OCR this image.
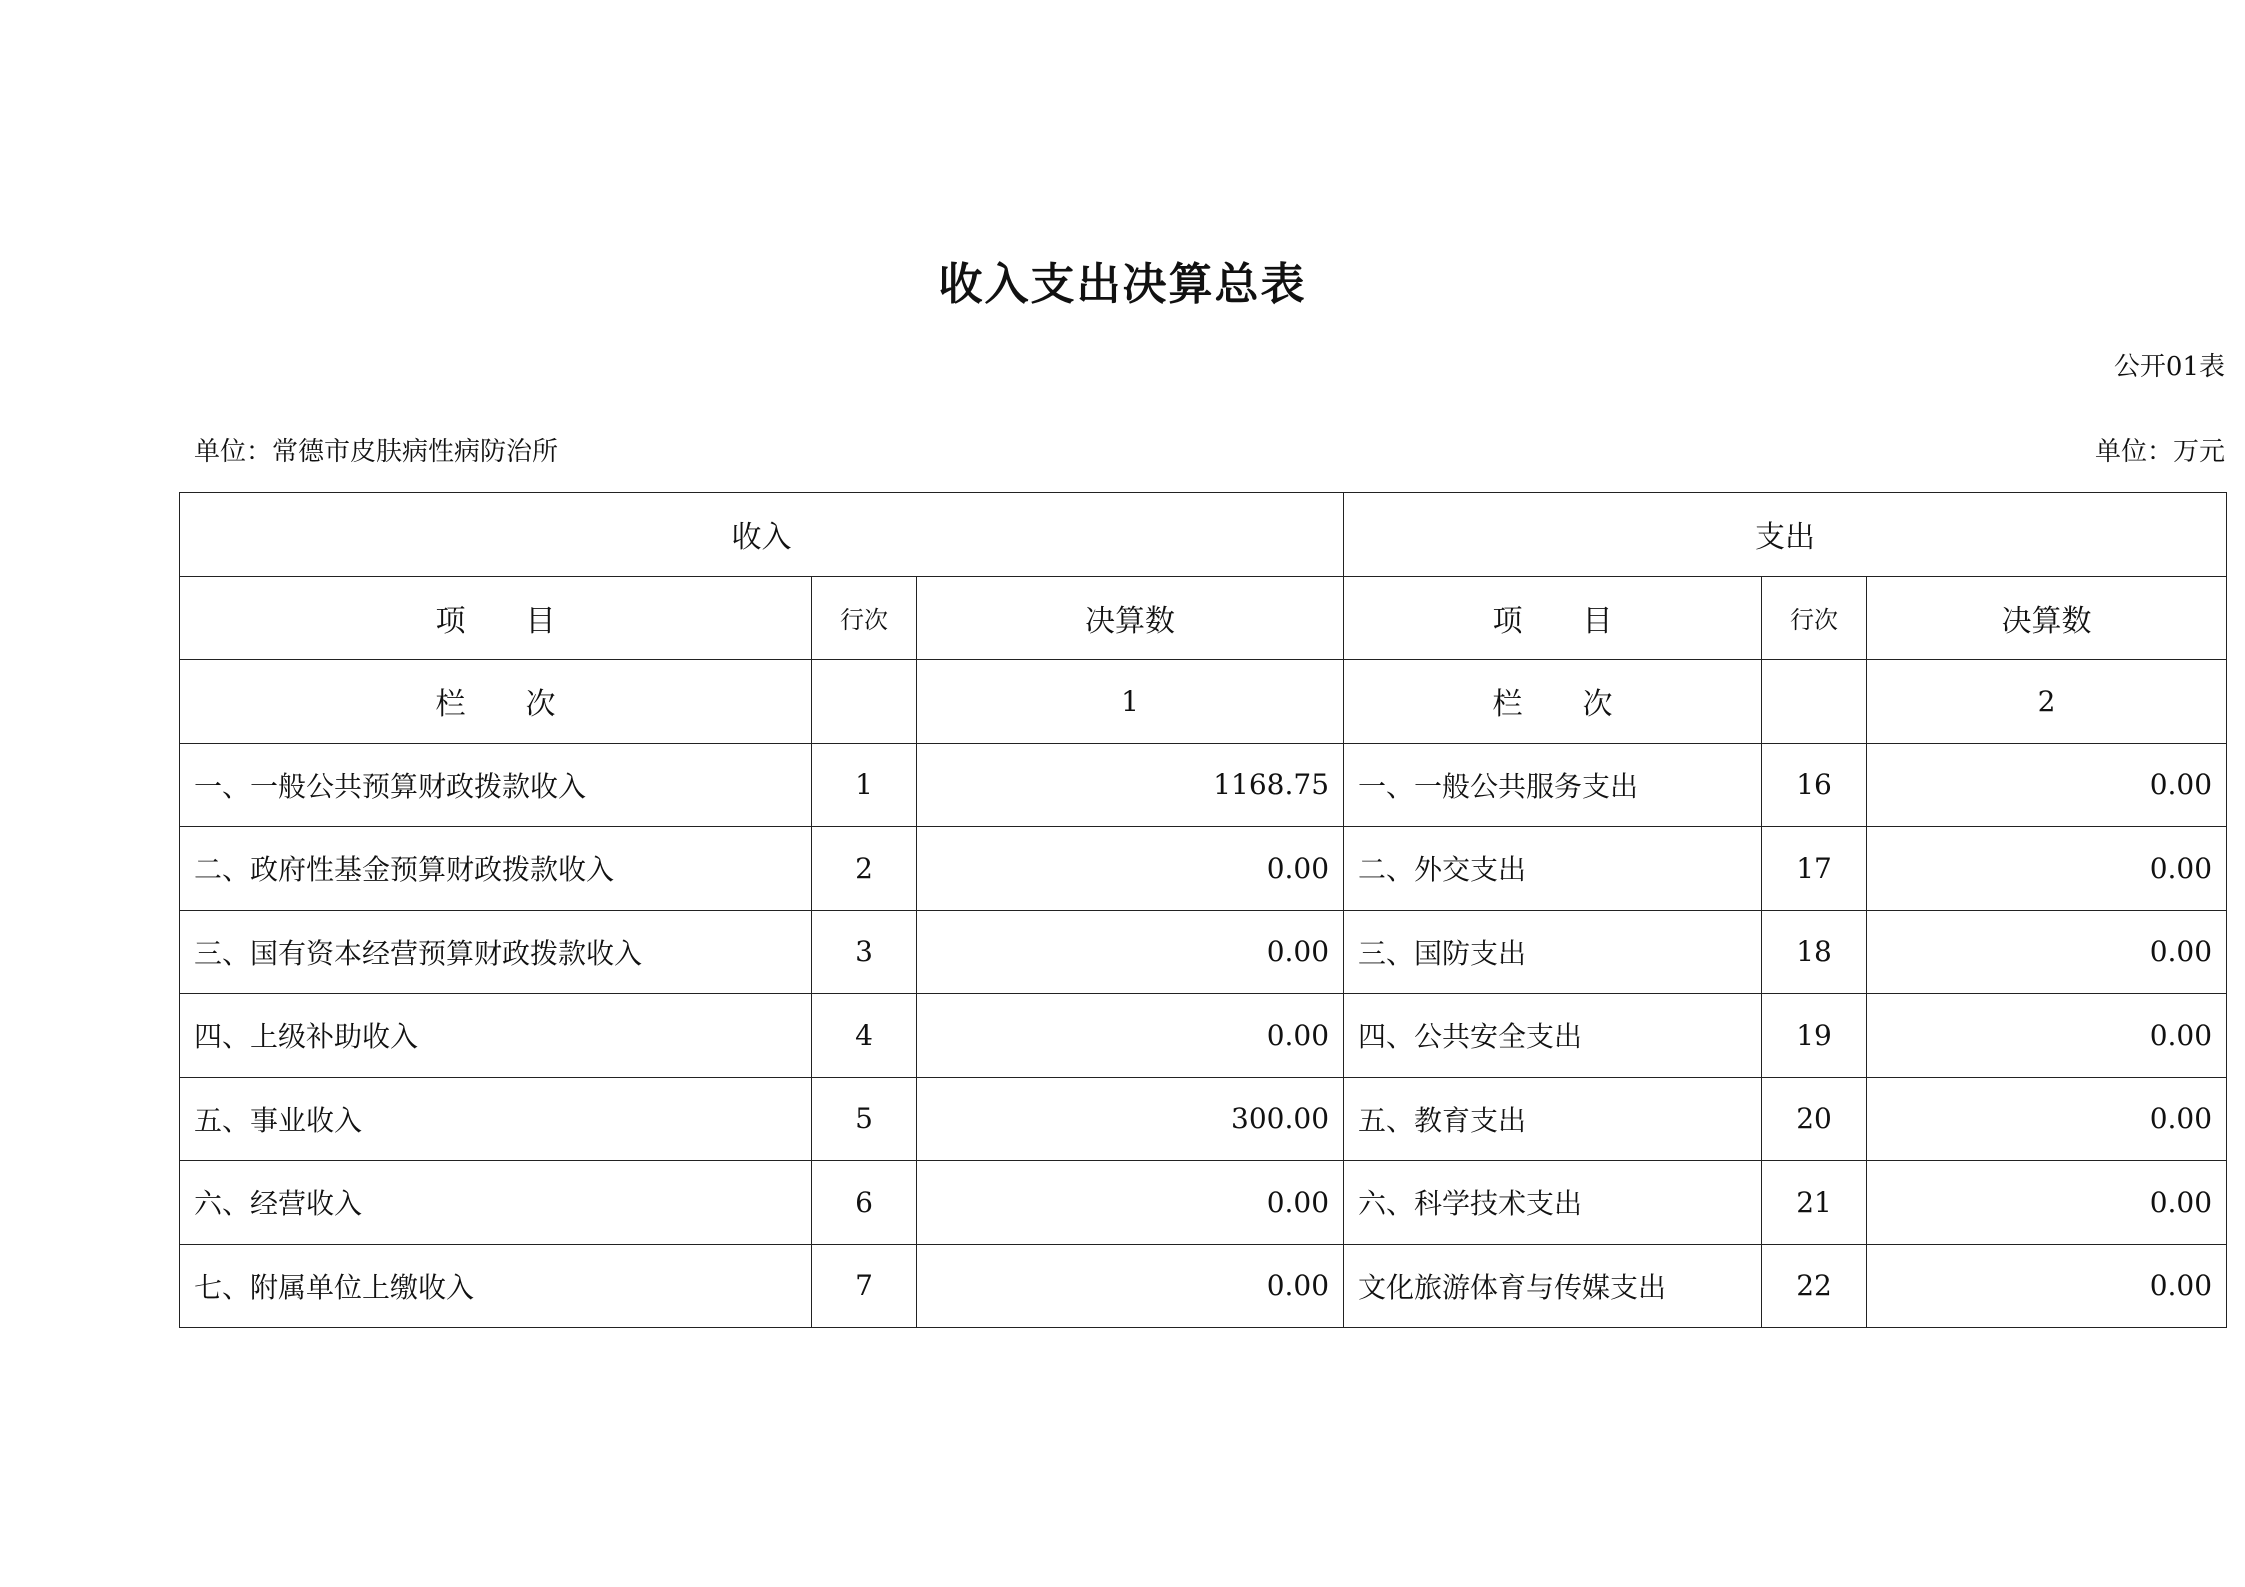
收入支出决算总表
公开01表
单位：常德市皮肤病性病防治所	单位：万元
收入			支出		
项　　目	行次	决算数	项　　目	行次	决算数
栏　　次		1	栏　　次		2
一、一般公共预算财政拨款收入	1	1168.75	一、一般公共服务支出	16	0.00
二、政府性基金预算财政拨款收入	2	0.00	二、外交支出	17	0.00
三、国有资本经营预算财政拨款收入	3	0.00	三、国防支出	18	0.00
四、上级补助收入	4	0.00	四、公共安全支出	19	0.00
五、事业收入	5	300.00	五、教育支出	20	0.00
六、经营收入	6	0.00	六、科学技术支出	21	0.00
七、附属单位上缴收入	7	0.00	文化旅游体育与传媒支出	22	0.00
